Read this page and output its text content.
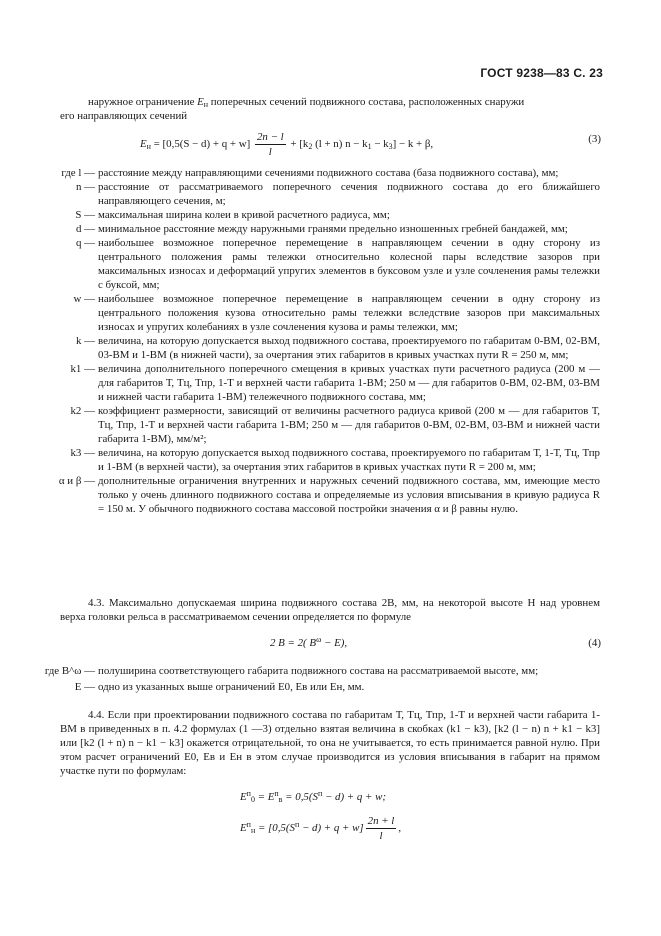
ГОСТ 9238—83 С. 23

наружное ограничение $E_н$ поперечных сечений подвижного состава, расположенных снаружи

его направляющих сечений

$E_н = [0,5(S - d) + q + w] \frac{2n - l}{l} + [k_2$ (l + n) $n - k_1 - k_3] - k + \beta$,	(3)
где l — расстояние между направляющими сечениями подвижного состава (база подвижного состава), мм;
n — расстояние от рассматриваемого поперечного сечения подвижного состава до его ближайшего направляющего сечения, м;
S — максимальная ширина колеи в кривой расчетного радиуса, мм;
d — минимальное расстояние между наружными гранями предельно изношенных гребней бандажей, мм;
q — наибольшее возможное поперечное перемещение в направляющем сечении в одну сторону из центрального положения рамы тележки относительно колесной пары вследствие зазоров при максимальных износах и деформаций упругих элементов в буксовом узле и узле сочленения рамы тележки с буксой, мм;
w — наибольшее возможное поперечное перемещение в направляющем сечении в одну сторону из центрального положения кузова относительно рамы тележки вследствие зазоров при максимальных износах и упругих колебаниях в узле сочленения кузова и рамы тележки, мм;
k — величина, на которую допускается выход подвижного состава, проектируемого по габаритам 0-ВМ, 02-ВМ, 03-ВМ и 1-ВМ (в нижней части), за очертания этих габаритов в кривых участках пути R = 250 м, мм;
k1 — величина дополнительного поперечного смещения в кривых участках пути расчетного радиуса (200 м — для габаритов Т, Тц, Тпр, 1-Т и верхней части габарита 1-ВМ; 250 м — для габаритов 0-ВМ, 02-ВМ, 03-ВМ и нижней части габарита 1-ВМ) тележечного подвижного состава, мм;
k2 — коэффициент размерности, зависящий от величины расчетного радиуса кривой (200 м — для габаритов Т, Тц, Тпр, 1-Т и верхней части габарита 1-ВМ; 250 м — для габаритов 0-ВМ, 02-ВМ, 03-ВМ и нижней части габарита 1-ВМ), мм/м²;
k3 — величина, на которую допускается выход подвижного состава, проектируемого по габаритам Т, 1-Т, Тц, Тпр и 1-ВМ (в верхней части), за очертания этих габаритов в кривых участках пути R = 200 м, мм;
α и β — дополнительные ограничения внутренних и наружных сечений подвижного состава, мм, имеющие место только у очень длинного подвижного состава и определяемые из условия вписывания в кривую радиуса R = 150 м. У обычного подвижного состава массовой постройки значения α и β равны нулю.

4.3. Максимально допускаемая ширина подвижного состава 2B, мм, на некоторой высоте H над уровнем верха головки рельса в рассматриваемом сечении определяется по формуле

2 B = 2( $B^\omega - E$),	(4)
где B^ω — полуширина соответствующего габарита подвижного состава на рассматриваемой высоте, мм;
E — одно из указанных выше ограничений E0, Eв или Eн, мм.

4.4. Если при проектировании подвижного состава по габаритам Т, Тц, Тпр, 1-Т и верхней части габарита 1-ВМ в приведенных в п. 4.2 формулах (1 —3) отдельно взятая величина в скобках (k1 − k3), [k2 (l − n) n + k1 − k3] или [k2 (l + n) n − k1 − k3] окажется отрицательной, то она не учитывается, то есть принимается равной нулю. При этом расчет ограничений E0, Eв и Eн в этом случае производится из условия вписывания в габарит на прямом участке пути по формулам:

$E^п_0 = E^п_в = 0,5(S^п - d) + q + w$;
$E^п_н = [0,5(S^п - d) + q + w] \frac{2n + l}{l}$ ,
